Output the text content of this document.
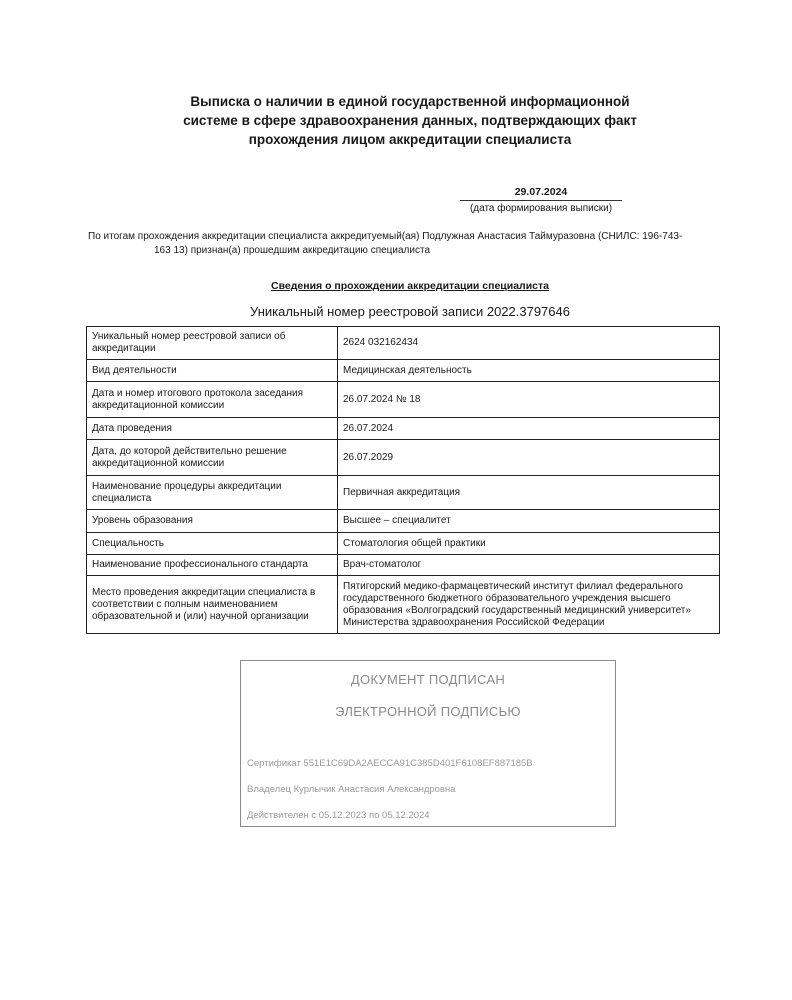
Выписка о наличии в единой государственной информационной
системе в сфере здравоохранения данных, подтверждающих факт
прохождения лицом аккредитации специалиста
29.07.2024
(дата формирования выписки)
По итогам прохождения аккредитации специалиста аккредитуемый(ая) Подлужная Анастасия Таймуразовна (СНИЛС: 196-743-
163 13) признан(а) прошедшим аккредитацию специалиста
Сведения о прохождении аккредитации специалиста
Уникальный номер реестровой записи 2022.3797646
Уникальный номер реестровой записи об аккредитации	2624 032162434
Вид деятельности	Медицинская деятельность
Дата и номер итогового протокола заседания аккредитационной комиссии	26.07.2024 № 18
Дата проведения	26.07.2024
Дата, до которой действительно решение аккредитационной комиссии	26.07.2029
Наименование процедуры аккредитации специалиста	Первичная аккредитация
Уровень образования	Высшее – специалитет
Специальность	Стоматология общей практики
Наименование профессионального стандарта	Врач-стоматолог
Место проведения аккредитации специалиста в соответствии с полным наименованием образовательной и (или) научной организации	Пятигорский медико-фармацевтический институт филиал федерального государственного бюджетного образовательного учреждения высшего образования «Волгоградский государственный медицинский университет» Министерства здравоохранения Российской Федерации
ДОКУМЕНТ ПОДПИСАН
ЭЛЕКТРОННОЙ ПОДПИСЬЮ
Сертификат 551E1C69DA2AECCA91C385D401F6108EF887185B
Владелец Курлычик Анастасия Александровна
Действителен с 05.12.2023 по 05.12.2024
